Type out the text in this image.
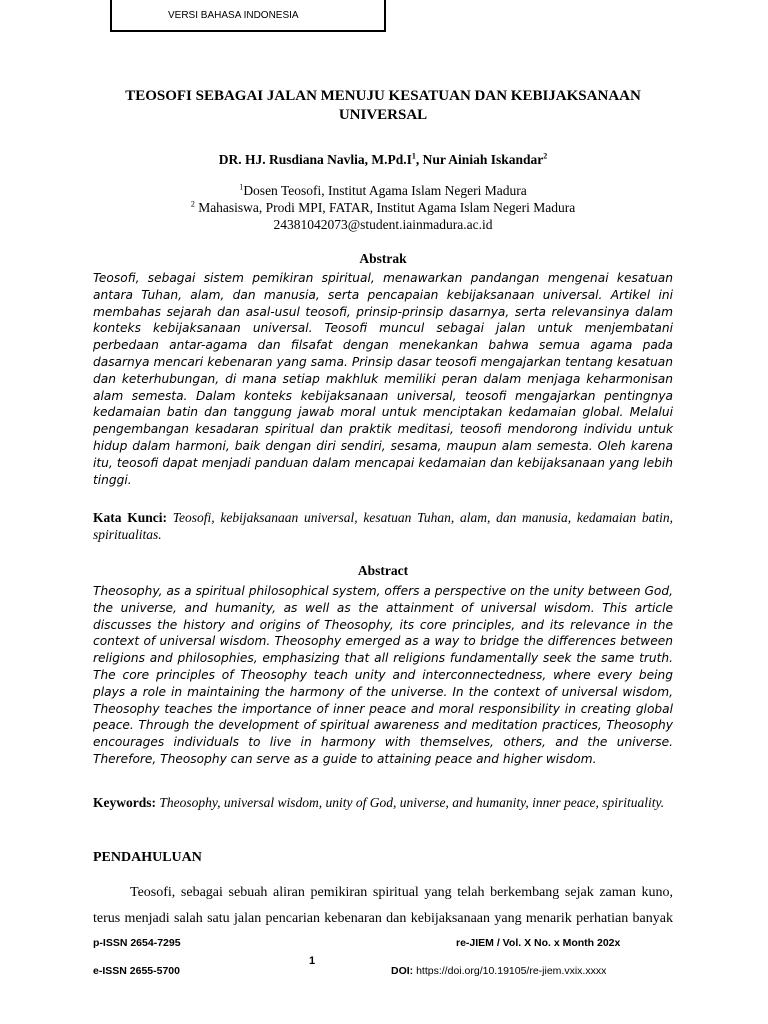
VERSI BAHASA INDONESIA
TEOSOFI SEBAGAI JALAN MENUJU KESATUAN DAN KEBIJAKSANAAN
UNIVERSAL
DR. HJ. Rusdiana Navlia, $M.Pd.I^1$, Nur Ainiah Iskandar$^2$
$^1$Dosen Teosofi, Institut Agama Islam Negeri Madura
$^2$ Mahasiswa, Prodi MPI, FATAR, Institut Agama Islam Negeri Madura
24381042073@student.iainmadura.ac.id
Abstrak
Teosofi, sebagai sistem pemikiran spiritual, menawarkan pandangan mengenai kesatuan antara Tuhan, alam, dan manusia, serta pencapaian kebijaksanaan universal. Artikel ini membahas sejarah dan asal-usul teosofi, prinsip-prinsip dasarnya, serta relevansinya dalam konteks kebijaksanaan universal. Teosofi muncul sebagai jalan untuk menjembatani perbedaan antar-agama dan filsafat dengan menekankan bahwa semua agama pada dasarnya mencari kebenaran yang sama. Prinsip dasar teosofi mengajarkan tentang kesatuan dan keterhubungan, di mana setiap makhluk memiliki peran dalam menjaga keharmonisan alam semesta. Dalam konteks kebijaksanaan universal, teosofi mengajarkan pentingnya kedamaian batin dan tanggung jawab moral untuk menciptakan kedamaian global. Melalui pengembangan kesadaran spiritual dan praktik meditasi, teosofi mendorong individu untuk hidup dalam harmoni, baik dengan diri sendiri, sesama, maupun alam semesta. Oleh karena itu, teosofi dapat menjadi panduan dalam mencapai kedamaian dan kebijaksanaan yang lebih tinggi.
Kata Kunci: Teosofi, kebijaksanaan universal, kesatuan Tuhan, alam, dan manusia, kedamaian batin, spiritualitas.
Abstract
Theosophy, as a spiritual philosophical system, offers a perspective on the unity between God, the universe, and humanity, as well as the attainment of universal wisdom. This article discusses the history and origins of Theosophy, its core principles, and its relevance in the context of universal wisdom. Theosophy emerged as a way to bridge the differences between religions and philosophies, emphasizing that all religions fundamentally seek the same truth. The core principles of Theosophy teach unity and interconnectedness, where every being plays a role in maintaining the harmony of the universe. In the context of universal wisdom, Theosophy teaches the importance of inner peace and moral responsibility in creating global peace. Through the development of spiritual awareness and meditation practices, Theosophy encourages individuals to live in harmony with themselves, others, and the universe. Therefore, Theosophy can serve as a guide to attaining peace and higher wisdom.
Keywords: Theosophy, universal wisdom, unity of God, universe, and humanity, inner peace, spirituality.
PENDAHULUAN
Teosofi, sebagai sebuah aliran pemikiran spiritual yang telah berkembang sejak zaman kuno, terus menjadi salah satu jalan pencarian kebenaran dan kebijaksanaan yang menarik perhatian banyak
p-ISSN 2654-7295	re-JIEM / Vol. X No. x Month 202x
1
e-ISSN 2655-5700	DOI: https://doi.org/10.19105/re-jiem.vxix.xxxx
